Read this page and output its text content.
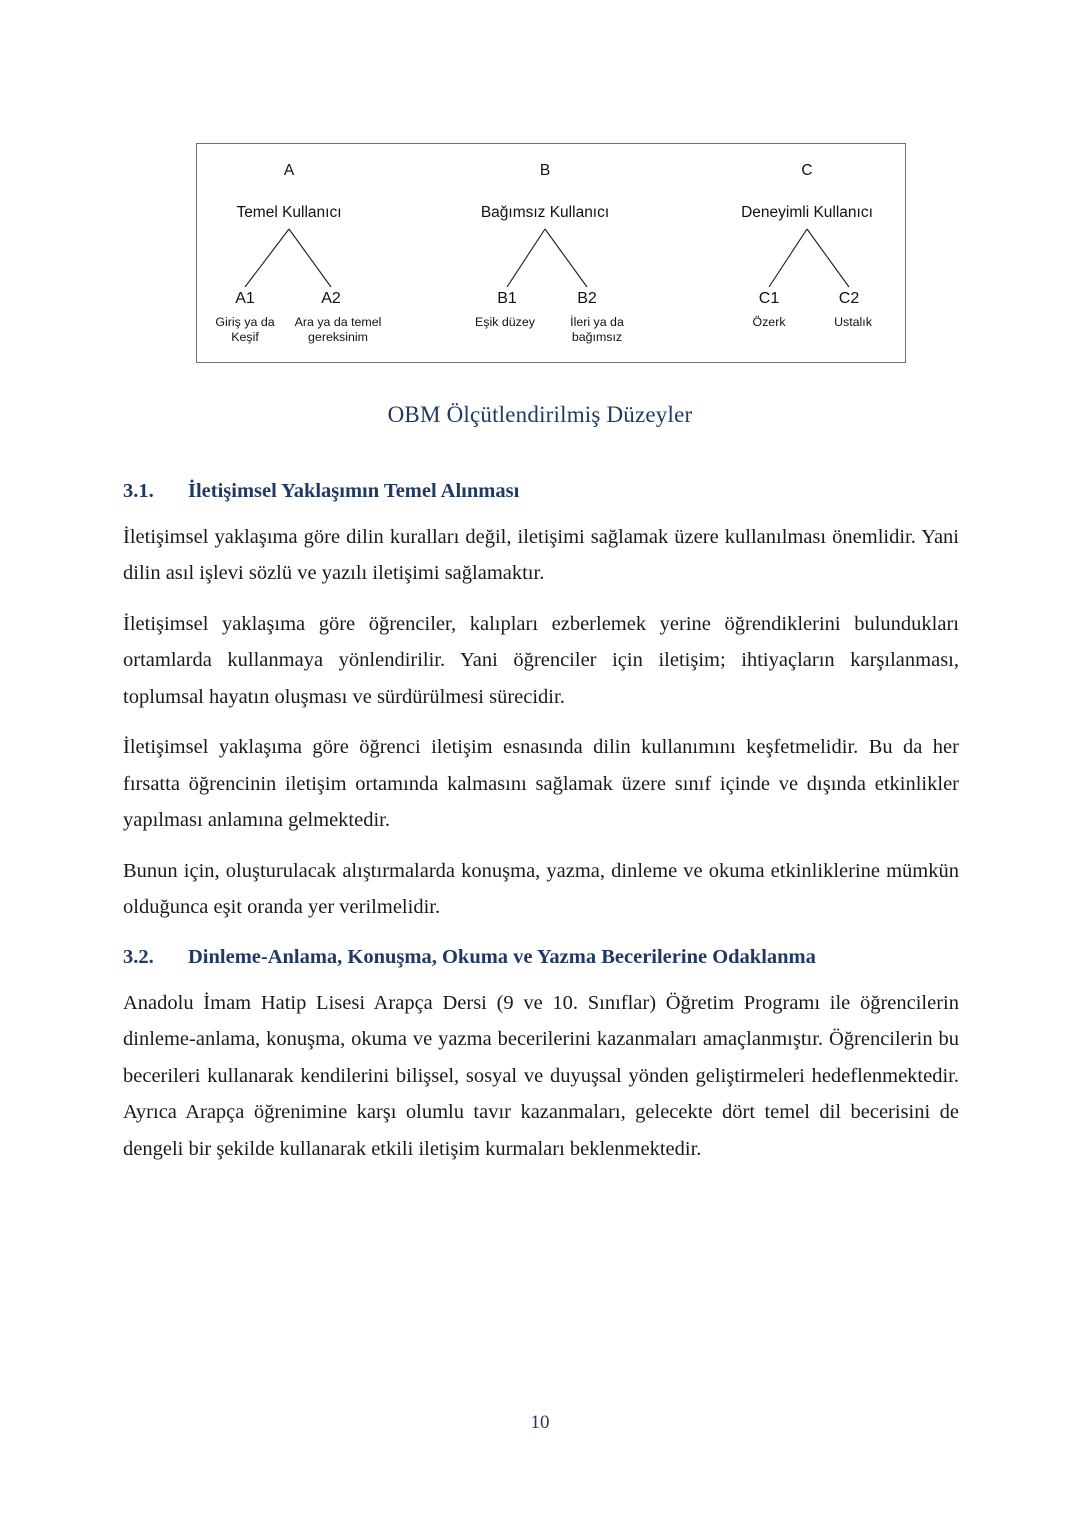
A
Temel Kullanıcı
A1	A2
Giriş ya da
Keşif
Ara ya da temel
gereksinim
B
Bağımsız Kullanıcı
B1	B2
Eşik düzey	İleri ya da
bağımsız
C
Deneyimli Kullanıcı
C1	C2
Özerk	Ustalık
OBM Ölçütlendirilmiş Düzeyler
3.1.	İletişimsel Yaklaşımın Temel Alınması

İletişimsel yaklaşıma göre dilin kuralları değil, iletişimi sağlamak üzere kullanılması önemlidir. Yani dilin asıl işlevi sözlü ve yazılı iletişimi sağlamaktır.

İletişimsel yaklaşıma göre öğrenciler, kalıpları ezberlemek yerine öğrendiklerini bulundukları ortamlarda kullanmaya yönlendirilir. Yani öğrenciler için iletişim; ihtiyaçların karşılanması, toplumsal hayatın oluşması ve sürdürülmesi sürecidir.

İletişimsel yaklaşıma göre öğrenci iletişim esnasında dilin kullanımını keşfetmelidir. Bu da her fırsatta öğrencinin iletişim ortamında kalmasını sağlamak üzere sınıf içinde ve dışında etkinlikler yapılması anlamına gelmektedir.

Bunun için, oluşturulacak alıştırmalarda konuşma, yazma, dinleme ve okuma etkinliklerine mümkün olduğunca eşit oranda yer verilmelidir.

3.2.	Dinleme-Anlama, Konuşma, Okuma ve Yazma Becerilerine Odaklanma

Anadolu İmam Hatip Lisesi Arapça Dersi (9 ve 10. Sınıflar) Öğretim Programı ile öğrencilerin dinleme-anlama, konuşma, okuma ve yazma becerilerini kazanmaları amaçlanmıştır. Öğrencilerin bu becerileri kullanarak kendilerini bilişsel, sosyal ve duyuşsal yönden geliştirmeleri hedeflenmektedir. Ayrıca Arapça öğrenimine karşı olumlu tavır kazanmaları, gelecekte dört temel dil becerisini de dengeli bir şekilde kullanarak etkili iletişim kurmaları beklenmektedir.

10
